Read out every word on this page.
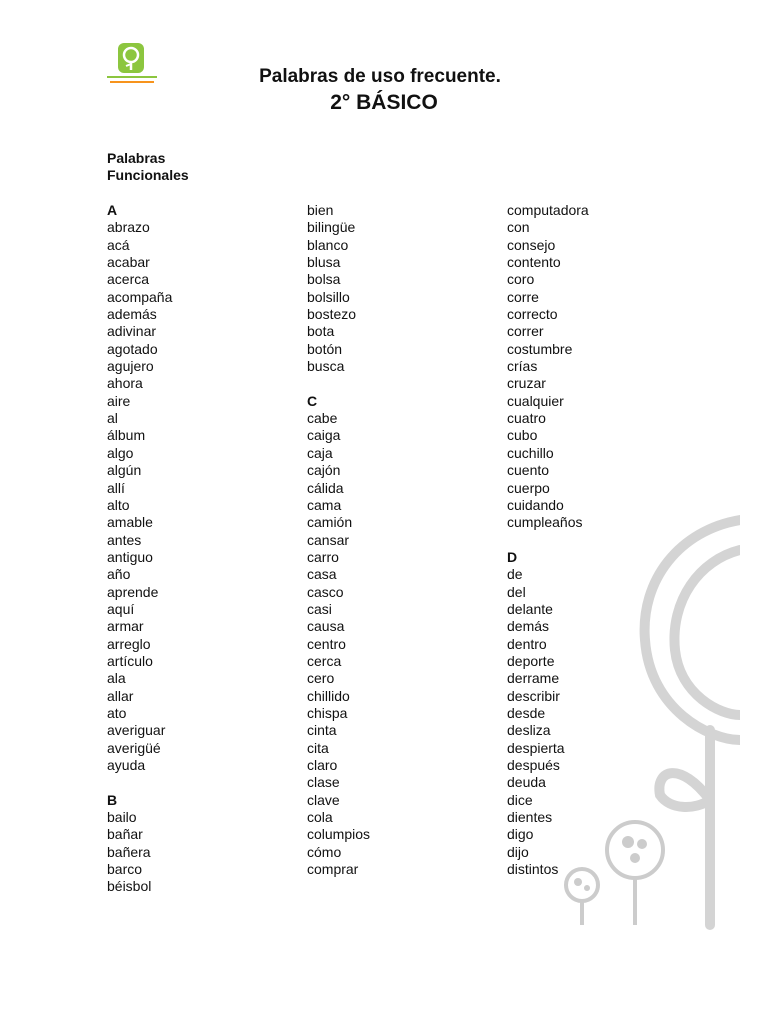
Palabras de uso frecuente.
2° BÁSICO
Palabras
Funcionales
A
abrazo
acá
acabar
acerca
acompaña
además
adivinar
agotado
agujero
ahora
aire
al
álbum
algo
algún
allí
alto
amable
antes
antiguo
año
aprende
aquí
armar
arreglo
artículo
ala
allar
ato
averiguar
averigüé
ayuda
B
bailo
bañar
bañera
barco
béisbol
bien
bilingüe
blanco
blusa
bolsa
bolsillo
bostezo
bota
botón
busca
C
cabe
caiga
caja
cajón
cálida
cama
camión
cansar
carro
casa
casco
casi
causa
centro
cerca
cero
chillido
chispa
cinta
cita
claro
clase
clave
cola
columpios
cómo
comprar
computadora
con
consejo
contento
coro
corre
correcto
correr
costumbre
crías
cruzar
cualquier
cuatro
cubo
cuchillo
cuento
cuerpo
cuidando
cumpleaños
D
de
del
delante
demás
dentro
deporte
derrame
describir
desde
desliza
despierta
después
deuda
dice
dientes
digo
dijo
distintos
